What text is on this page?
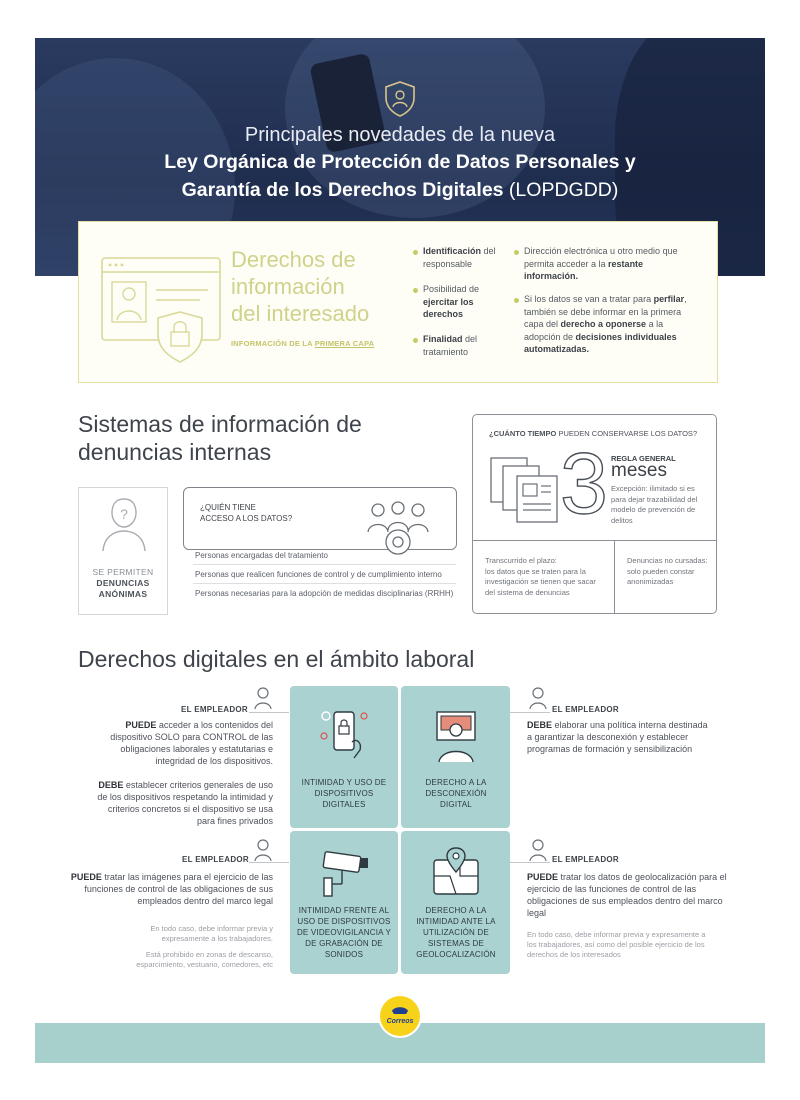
Principales novedades de la nueva
Ley Orgánica de Protección de Datos Personales y
Garantía de los Derechos Digitales (LOPDGDD)
Derechos de
información
del interesado
INFORMACIÓN DE LA PRIMERA CAPA
Identificación del responsable
Posibilidad de ejercitar los derechos
Finalidad del tratamiento
Dirección electrónica u otro medio que permita acceder a la restante información.
Si los datos se van a tratar para perfilar, también se debe informar en la primera capa del derecho a oponerse a la adopción de decisiones individuales automatizadas.
Sistemas de información de
denuncias internas
?
SE PERMITEN
DENUNCIAS
ANÓNIMAS
¿QUIÉN TIENE
ACCESO A LOS DATOS?
Personas encargadas del tratamiento
Personas que realicen funciones de control y de cumplimiento interno
Personas necesarias para la adopción de medidas disciplinarias (RRHH)
¿CUÁNTO TIEMPO PUEDEN CONSERVARSE LOS DATOS?
3 REGLA GENERAL
meses
Excepción: ilimitado si es para dejar trazabilidad del modelo de prevención de delitos
Transcurrido el plazo:
los datos que se traten para la investigación se tienen que sacar del sistema de denuncias
Denuncias no cursadas: solo pueden constar anonimizadas
Derechos digitales en el ámbito laboral
INTIMIDAD Y USO DE DISPOSITIVOS DIGITALES
DERECHO A LA DESCONEXIÓN DIGITAL
INTIMIDAD FRENTE AL USO DE DISPOSITIVOS DE VIDEOVIGILANCIA Y DE GRABACIÓN DE SONIDOS
DERECHO A LA INTIMIDAD ANTE LA UTILIZACIÓN DE SISTEMAS DE GEOLOCALIZACIÓN
EL EMPLEADOR
PUEDE acceder a los contenidos del dispositivo SOLO para CONTROL de las obligaciones laborales y estatutarias e integridad de los dispositivos.
DEBE establecer criterios generales de uso de los dispositivos respetando la intimidad y criterios concretos si el dispositivo se usa para fines privados
EL EMPLEADOR
DEBE elaborar una política interna destinada a garantizar la desconexión y establecer programas de formación y sensibilización
EL EMPLEADOR
PUEDE tratar las imágenes para el ejercicio de las funciones de control de las obligaciones de sus empleados dentro del marco legal
En todo caso, debe informar previa y expresamente a los trabajadores.
Está prohibido en zonas de descanso, esparcimiento, vestuario, comedores, etc
EL EMPLEADOR
PUEDE tratar los datos de geolocalización para el ejercicio de las funciones de control de las obligaciones de sus empleados dentro del marco legal
En todo caso, debe informar previa y expresamente a los trabajadores, así como del posible ejercicio de los derechos de los interesados
Correos
